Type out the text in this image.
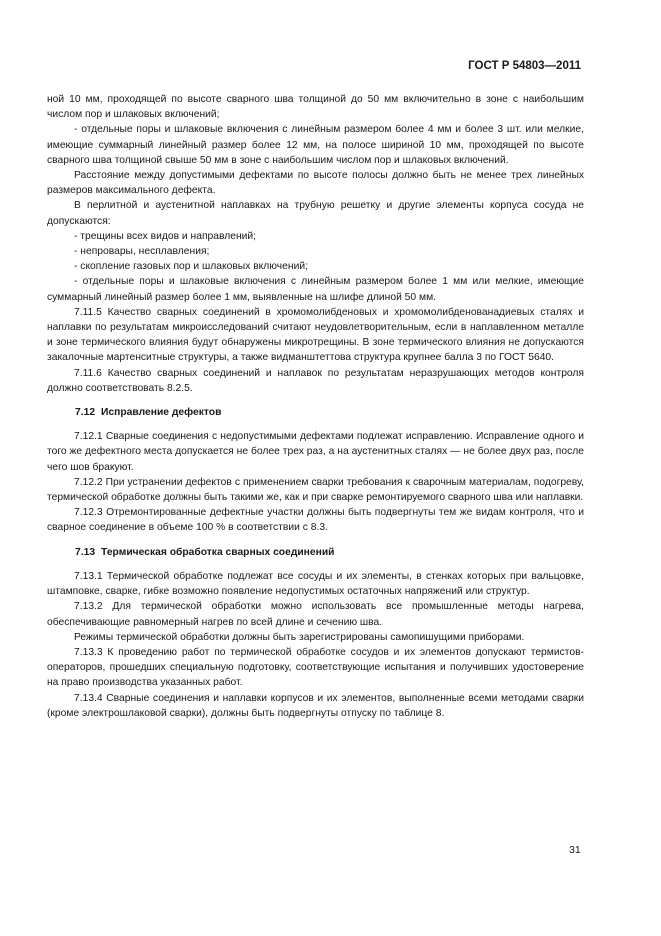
ГОСТ Р 54803—2011

ной 10 мм, проходящей по высоте сварного шва толщиной до 50 мм включительно в зоне с наибольшим числом пор и шлаковых включений;

- отдельные поры и шлаковые включения с линейным размером более 4 мм и более 3 шт. или мелкие, имеющие суммарный линейный размер более 12 мм, на полосе шириной 10 мм, проходящей по высоте сварного шва толщиной свыше 50 мм в зоне с наибольшим числом пор и шлаковых включений.

Расстояние между допустимыми дефектами по высоте полосы должно быть не менее трех линейных размеров максимального дефекта.

В перлитной и аустенитной наплавках на трубную решетку и другие элементы корпуса сосуда не допускаются:

- трещины всех видов и направлений;

- непровары, несплавления;

- скопление газовых пор и шлаковых включений;

- отдельные поры и шлаковые включения с линейным размером более 1 мм или мелкие, имеющие суммарный линейный размер более 1 мм, выявленные на шлифе длиной 50 мм.

7.11.5 Качество сварных соединений в хромомолибденовых и хромомолибденованадиевых сталях и наплавки по результатам микроисследований считают неудовлетворительным, если в наплавленном металле и зоне термического влияния будут обнаружены микротрещины. В зоне термического влияния не допускаются закалочные мартенситные структуры, а также видманштеттова структура крупнее балла 3 по ГОСТ 5640.

7.11.6 Качество сварных соединений и наплавок по результатам неразрушающих методов контроля должно соответствовать 8.2.5.

7.12 Исправление дефектов

7.12.1 Сварные соединения с недопустимыми дефектами подлежат исправлению. Исправление одного и того же дефектного места допускается не более трех раз, а на аустенитных сталях — не более двух раз, после чего шов бракуют.

7.12.2 При устранении дефектов с применением сварки требования к сварочным материалам, подогреву, термической обработке должны быть такими же, как и при сварке ремонтируемого сварного шва или наплавки.

7.12.3 Отремонтированные дефектные участки должны быть подвергнуты тем же видам контроля, что и сварное соединение в объеме 100 % в соответствии с 8.3.

7.13 Термическая обработка сварных соединений

7.13.1 Термической обработке подлежат все сосуды и их элементы, в стенках которых при вальцовке, штамповке, сварке, гибке возможно появление недопустимых остаточных напряжений или структур.

7.13.2 Для термической обработки можно использовать все промышленные методы нагрева, обеспечивающие равномерный нагрев по всей длине и сечению шва.

Режимы термической обработки должны быть зарегистрированы самопишущими приборами.

7.13.3 К проведению работ по термической обработке сосудов и их элементов допускают термистов-операторов, прошедших специальную подготовку, соответствующие испытания и получивших удостоверение на право производства указанных работ.

7.13.4 Сварные соединения и наплавки корпусов и их элементов, выполненные всеми методами сварки (кроме электрошлаковой сварки), должны быть подвергнуты отпуску по таблице 8.

31
